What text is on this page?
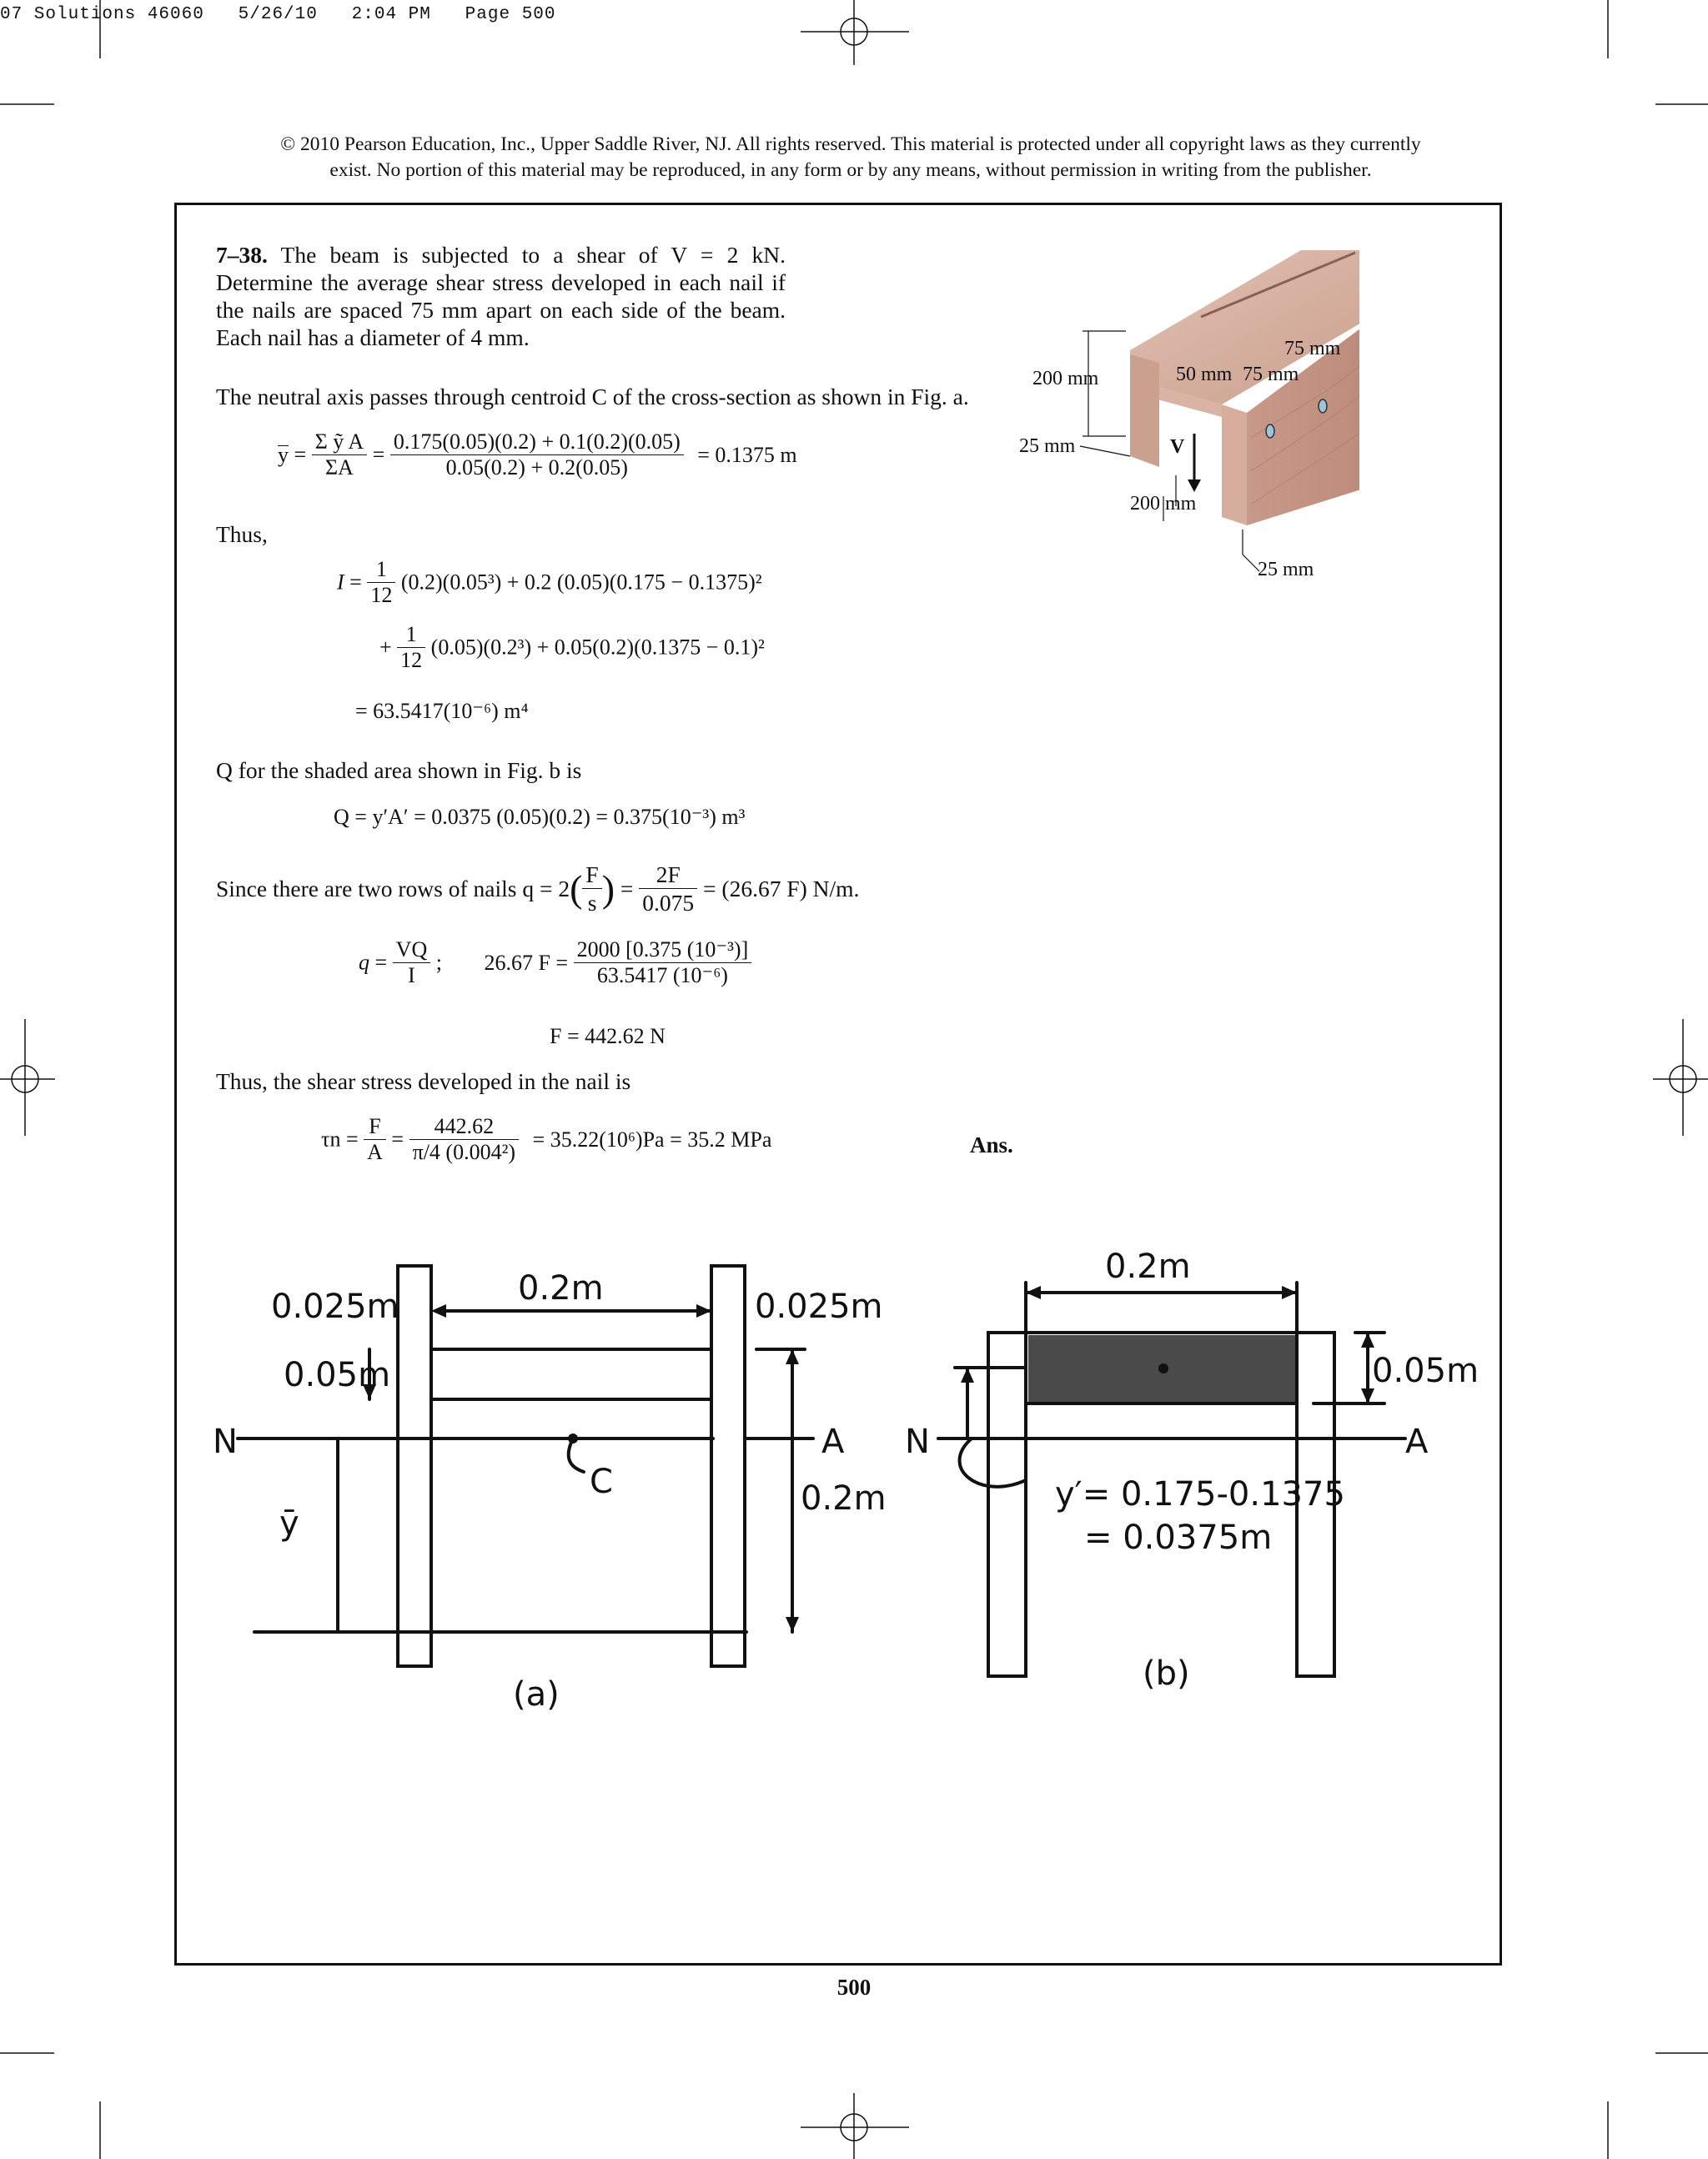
07 Solutions 46060   5/26/10   2:04 PM   Page 500
© 2010 Pearson Education, Inc., Upper Saddle River, NJ. All rights reserved. This material is protected under all copyright laws as they currently
exist. No portion of this material may be reproduced, in any form or by any means, without permission in writing from the publisher.
7–38. The beam is subjected to a shear of V = 2 kN. Determine the average shear stress developed in each nail if the nails are spaced 75 mm apart on each side of the beam. Each nail has a diameter of 4 mm.
The neutral axis passes through centroid C of the cross-section as shown in Fig. a.
$y = \frac{\text{Σ ỹ A}}{\Sigma A} = \frac{0.175(0.05)(0.2) + 0.1(0.2)(0.05)}{0.05(0.2) + 0.2(0.05)} = 0.1375$ m
Thus,
$I = \frac{1}{12} (0.2)(0.05^3) + 0.2$ (0.05)(0.175 − 0.1375)²
+ $\frac{1}{12} (0.05)(0.2^3) + 0.05(0.2)(0.1375 - 0.1)^2$
= 63.5417(10⁻⁶) m⁴
Q for the shaded area shown in Fig. b is
Q = y′A′ = 0.0375 (0.05)(0.2) = 0.375(10⁻³) m³
Since there are two rows of nails $q = 2( \frac{F}{s}$ ) = $\frac{2F}{0.075} = (26.67$ F) N/m.
$q = \frac{VQ}{I}$ ; 26.67 $F = \frac{\text{2000 [0.375 (10⁻³)]}}{\text{63.5417 (10⁻⁶)}}$
F = 442.62 N
Thus, the shear stress developed in the nail is
$\tau n = \frac{F}{A} = \frac{442.62}{\text{π/4 (0.004²)}} = 35.22(10^6)Pa = 35.2$ MPa	Ans.
V
200 mm
25 mm
200 mm
25 mm
50 mm 75 mm
75 mm
0.025m	0.2m	0.025m
0.05m
0.2m
N	A
C
ȳ
(a)
0.2m
0.05m
N	A
y′= 0.175-0.1375
= 0.0375m
(b)
500
